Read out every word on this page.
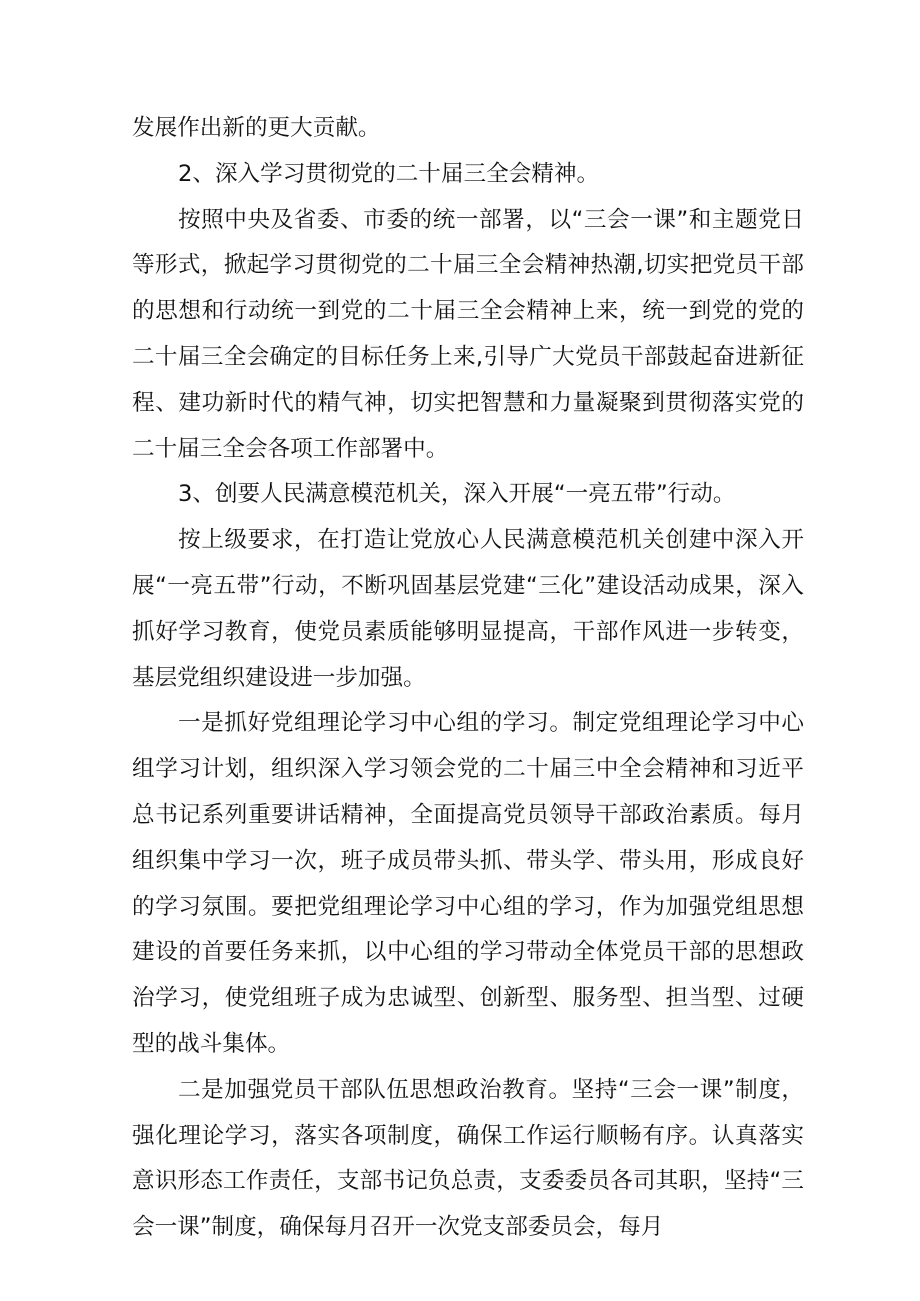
发展作出新的更大贡献。

2、深入学习贯彻党的二十届三全会精神。

按照中央及省委、市委的统一部署，以“三会一课”和主题党日等形式，掀起学习贯彻党的二十届三全会精神热潮,切实把党员干部的思想和行动统一到党的二十届三全会精神上来，统一到党的党的二十届三全会确定的目标任务上来,引导广大党员干部鼓起奋进新征程、建功新时代的精气神，切实把智慧和力量凝聚到贯彻落实党的二十届三全会各项工作部署中。

3、创要人民满意模范机关，深入开展“一亮五带”行动。

按上级要求，在打造让党放心人民满意模范机关创建中深入开展“一亮五带”行动，不断巩固基层党建“三化”建设活动成果，深入抓好学习教育，使党员素质能够明显提高，干部作风进一步转变，基层党组织建设进一步加强。

一是抓好党组理论学习中心组的学习。制定党组理论学习中心组学习计划，组织深入学习领会党的二十届三中全会精神和习近平总书记系列重要讲话精神，全面提高党员领导干部政治素质。每月组织集中学习一次，班子成员带头抓、带头学、带头用，形成良好的学习氛围。要把党组理论学习中心组的学习，作为加强党组思想建设的首要任务来抓，以中心组的学习带动全体党员干部的思想政治学习，使党组班子成为忠诚型、创新型、服务型、担当型、过硬型的战斗集体。

二是加强党员干部队伍思想政治教育。坚持“三会一课”制度，强化理论学习，落实各项制度，确保工作运行顺畅有序。认真落实意识形态工作责任，支部书记负总责，支委委员各司其职，坚持“三会一课”制度，确保每月召开一次党支部委员会，每月
